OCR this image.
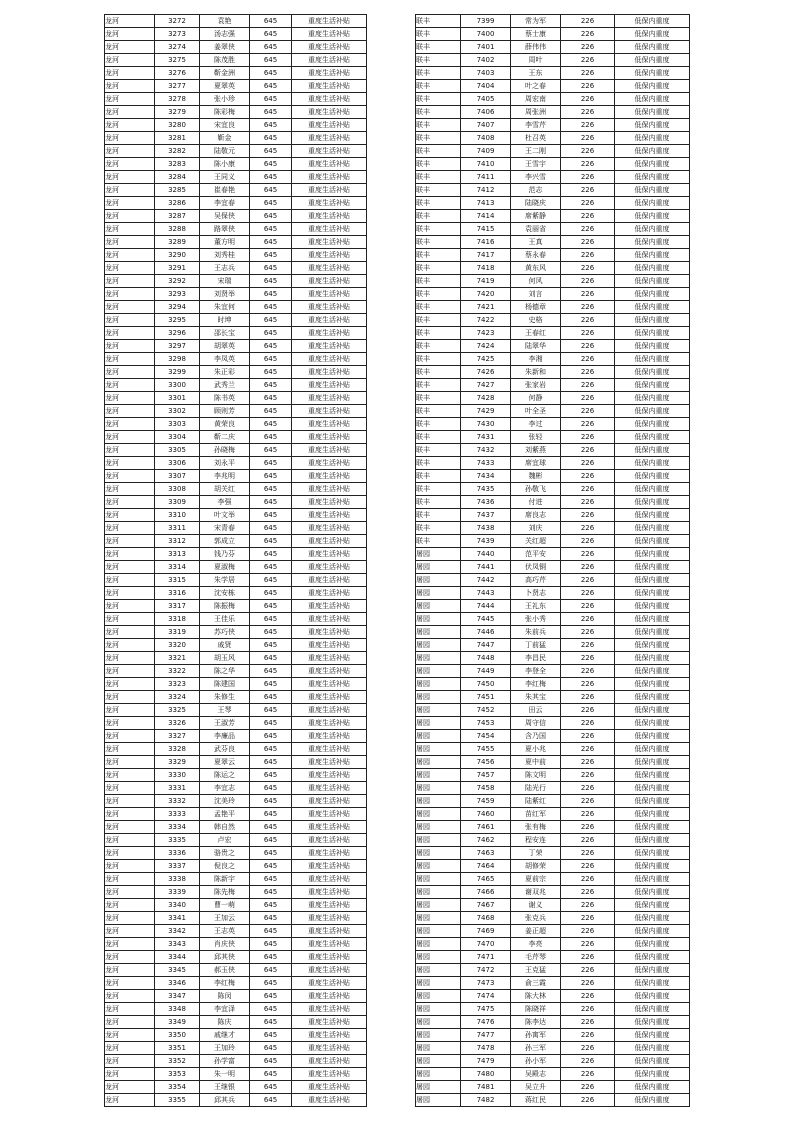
龙河	3272	袁艳	645	重度生活补贴
龙河	3273	汤志强	645	重度生活补贴
龙河	3274	姜翠侠	645	重度生活补贴
龙河	3275	陈茂胜	645	重度生活补贴
龙河	3276	靳金洲	645	重度生活补贴
龙河	3277	夏翠英	645	重度生活补贴
龙河	3278	张小珍	645	重度生活补贴
龙河	3279	陈彩梅	645	重度生活补贴
龙河	3280	宋宜良	645	重度生活补贴
龙河	3281	靳金	645	重度生活补贴
龙河	3282	陆敬元	645	重度生活补贴
龙河	3283	陈小康	645	重度生活补贴
龙河	3284	王同义	645	重度生活补贴
龙河	3285	崔春艳	645	重度生活补贴
龙河	3286	李宜春	645	重度生活补贴
龙河	3287	吴保侠	645	重度生活补贴
龙河	3288	路翠侠	645	重度生活补贴
龙河	3289	董方明	645	重度生活补贴
龙河	3290	刘秀桂	645	重度生活补贴
龙河	3291	王志兵	645	重度生活补贴
龙河	3292	宋瑞	645	重度生活补贴
龙河	3293	刘贤举	645	重度生活补贴
龙河	3294	朱宜何	645	重度生活补贴
龙河	3295	时坤	645	重度生活补贴
龙河	3296	邵长宝	645	重度生活补贴
龙河	3297	胡翠英	645	重度生活补贴
龙河	3298	李凤英	645	重度生活补贴
龙河	3299	朱正彩	645	重度生活补贴
龙河	3300	武秀兰	645	重度生活补贴
龙河	3301	陈书英	645	重度生活补贴
龙河	3302	顾则芳	645	重度生活补贴
龙河	3303	黄荣良	645	重度生活补贴
龙河	3304	靳二庆	645	重度生活补贴
龙河	3305	孙晓梅	645	重度生活补贴
龙河	3306	刘永平	645	重度生活补贴
龙河	3307	李兆明	645	重度生活补贴
龙河	3308	胡关红	645	重度生活补贴
龙河	3309	李强	645	重度生活补贴
龙河	3310	叶文举	645	重度生活补贴
龙河	3311	宋青春	645	重度生活补贴
龙河	3312	郭成立	645	重度生活补贴
龙河	3313	钱乃芬	645	重度生活补贴
龙河	3314	夏淑梅	645	重度生活补贴
龙河	3315	朱学居	645	重度生活补贴
龙河	3316	沈安栋	645	重度生活补贴
龙河	3317	陈振梅	645	重度生活补贴
龙河	3318	王佳乐	645	重度生活补贴
龙河	3319	苏巧侠	645	重度生活补贴
龙河	3320	戚贤	645	重度生活补贴
龙河	3321	胡玉风	645	重度生活补贴
龙河	3322	陈之华	645	重度生活补贴
龙河	3323	陈建国	645	重度生活补贴
龙河	3324	朱修生	645	重度生活补贴
龙河	3325	王琴	645	重度生活补贴
龙河	3326	王淑芳	645	重度生活补贴
龙河	3327	李廉品	645	重度生活补贴
龙河	3328	武芬良	645	重度生活补贴
龙河	3329	夏翠云	645	重度生活补贴
龙河	3330	陈运之	645	重度生活补贴
龙河	3331	李宜志	645	重度生活补贴
龙河	3332	沈美玲	645	重度生活补贴
龙河	3333	孟艳平	645	重度生活补贴
龙河	3334	韩自然	645	重度生活补贴
龙河	3335	卢宏	645	重度生活补贴
龙河	3336	骆贵之	645	重度生活补贴
龙河	3337	倪良之	645	重度生活补贴
龙河	3338	陈新宇	645	重度生活补贴
龙河	3339	陈先梅	645	重度生活补贴
龙河	3340	曹一萌	645	重度生活补贴
龙河	3341	王加云	645	重度生活补贴
龙河	3342	王志英	645	重度生活补贴
龙河	3343	肖庆侠	645	重度生活补贴
龙河	3344	邱其侠	645	重度生活补贴
龙河	3345	郝玉侠	645	重度生活补贴
龙河	3346	李红梅	645	重度生活补贴
龙河	3347	陈闵	645	重度生活补贴
龙河	3348	李宜泽	645	重度生活补贴
龙河	3349	陈庆	645	重度生活补贴
龙河	3350	戚继才	645	重度生活补贴
龙河	3351	王加玲	645	重度生活补贴
龙河	3352	孙学富	645	重度生活补贴
龙河	3353	朱一明	645	重度生活补贴
龙河	3354	王继银	645	重度生活补贴
龙河	3355	邱其兵	645	重度生活补贴
联丰	7399	常为军	226	低保内重度
联丰	7400	蔡士康	226	低保内重度
联丰	7401	薛伟伟	226	低保内重度
联丰	7402	周叶	226	低保内重度
联丰	7403	王东	226	低保内重度
联丰	7404	叶之春	226	低保内重度
联丰	7405	周宏南	226	低保内重度
联丰	7406	周张洲	226	低保内重度
联丰	7407	李雪芹	226	低保内重度
联丰	7408	杜召英	226	低保内重度
联丰	7409	王二刚	226	低保内重度
联丰	7410	王雪宇	226	低保内重度
联丰	7411	李兴雪	226	低保内重度
联丰	7412	范志	226	低保内重度
联丰	7413	陆晓庆	226	低保内重度
联丰	7414	席紫静	226	低保内重度
联丰	7415	袁丽省	226	低保内重度
联丰	7416	王真	226	低保内重度
联丰	7417	蔡永春	226	低保内重度
联丰	7418	黄东风	226	低保内重度
联丰	7419	何风	226	低保内重度
联丰	7420	刘言	226	低保内重度
联丰	7421	杨德章	226	低保内重度
联丰	7422	史格	226	低保内重度
联丰	7423	王春红	226	低保内重度
联丰	7424	陆翠华	226	低保内重度
联丰	7425	李湘	226	低保内重度
联丰	7426	朱新和	226	低保内重度
联丰	7427	张家岩	226	低保内重度
联丰	7428	何静	226	低保内重度
联丰	7429	叶全圣	226	低保内重度
联丰	7430	李过	226	低保内重度
联丰	7431	张轻	226	低保内重度
联丰	7432	刘紫燕	226	低保内重度
联丰	7433	席宜球	226	低保内重度
联丰	7434	魏彬	226	低保内重度
联丰	7435	孙敬飞	226	低保内重度
联丰	7436	付进	226	低保内重度
联丰	7437	席良志	226	低保内重度
联丰	7438	刘庆	226	低保内重度
联丰	7439	关红超	226	低保内重度
屠园	7440	范平安	226	低保内重度
屠园	7441	伏凤铜	226	低保内重度
屠园	7442	高巧芹	226	低保内重度
屠园	7443	卜贤志	226	低保内重度
屠园	7444	王礼东	226	低保内重度
屠园	7445	张小秀	226	低保内重度
屠园	7446	朱前兵	226	低保内重度
屠园	7447	丁前猛	226	低保内重度
屠园	7448	李昌民	226	低保内重度
屠园	7449	李登全	226	低保内重度
屠园	7450	李红梅	226	低保内重度
屠园	7451	朱其宝	226	低保内重度
屠园	7452	田云	226	低保内重度
屠园	7453	周守信	226	低保内重度
屠园	7454	含乃国	226	低保内重度
屠园	7455	夏小兆	226	低保内重度
屠园	7456	夏中前	226	低保内重度
屠园	7457	陈文明	226	低保内重度
屠园	7458	陆光行	226	低保内重度
屠园	7459	陆紫红	226	低保内重度
屠园	7460	苗红军	226	低保内重度
屠园	7461	张有梅	226	低保内重度
屠园	7462	程安连	226	低保内重度
屠园	7463	丁荣	226	低保内重度
屠园	7464	胡修荣	226	低保内重度
屠园	7465	夏前宗	226	低保内重度
屠园	7466	谢双兆	226	低保内重度
屠园	7467	谢义	226	低保内重度
屠园	7468	张克兵	226	低保内重度
屠园	7469	姜正超	226	低保内重度
屠园	7470	李亮	226	低保内重度
屠园	7471	毛芹琴	226	低保内重度
屠园	7472	王克猛	226	低保内重度
屠园	7473	俞三霞	226	低保内重度
屠园	7474	陈大林	226	低保内重度
屠园	7475	陈晓祥	226	低保内重度
屠园	7476	陈李达	226	低保内重度
屠园	7477	孙寓军	226	低保内重度
屠园	7478	孙三军	226	低保内重度
屠园	7479	孙小军	226	低保内重度
屠园	7480	吴殿志	226	低保内重度
屠园	7481	吴立升	226	低保内重度
屠园	7482	蒋红民	226	低保内重度
